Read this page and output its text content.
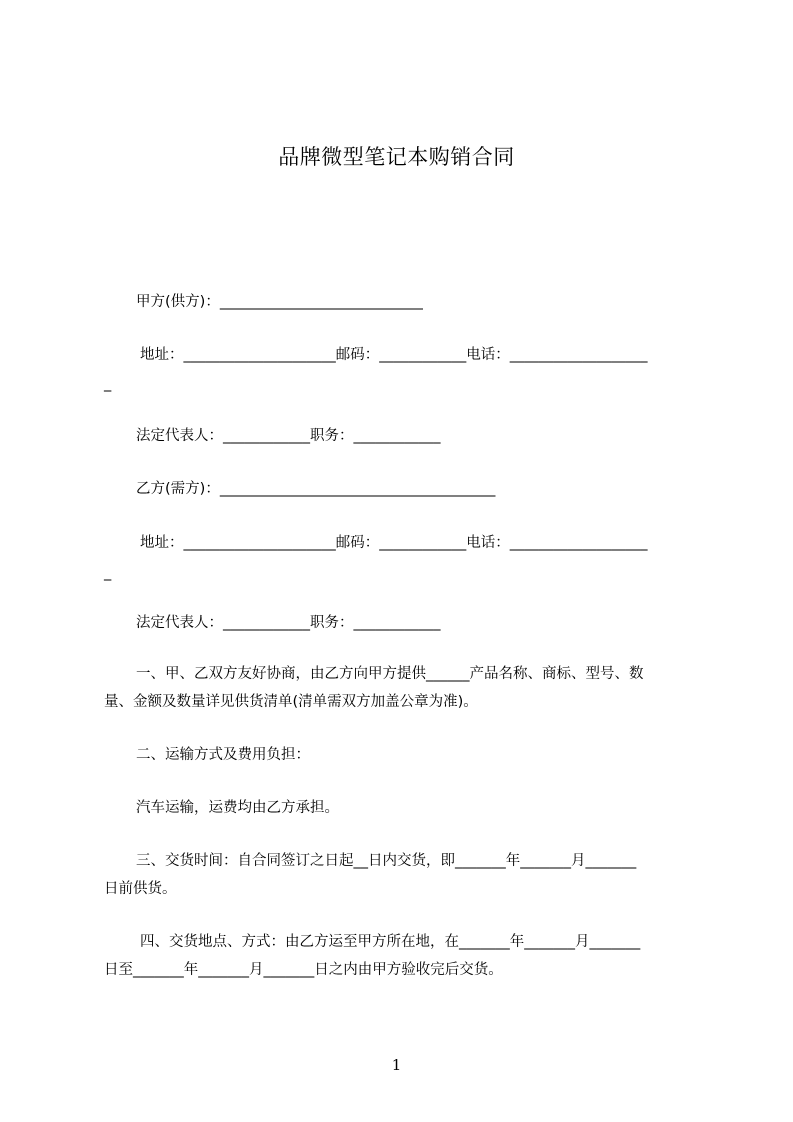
品牌微型笔记本购销合同
甲方(供方)：____________________________
地址：_____________________邮码：____________电话：___________________
_
法定代表人：____________职务：____________
乙方(需方)：______________________________________
地址：_____________________邮码：____________电话：___________________
_
法定代表人：____________职务：____________
一、甲、乙双方友好协商，由乙方向甲方提供______产品名称、商标、型号、数
量、金额及数量详见供货清单(清单需双方加盖公章为准)。
二、运输方式及费用负担：
汽车运输，运费均由乙方承担。
三、交货时间：自合同签订之日起__日内交货，即_______年_______月_______
日前供货。
四、交货地点、方式：由乙方运至甲方所在地，在_______年_______月_______
日至_______年_______月_______日之内由甲方验收完后交货。
1
